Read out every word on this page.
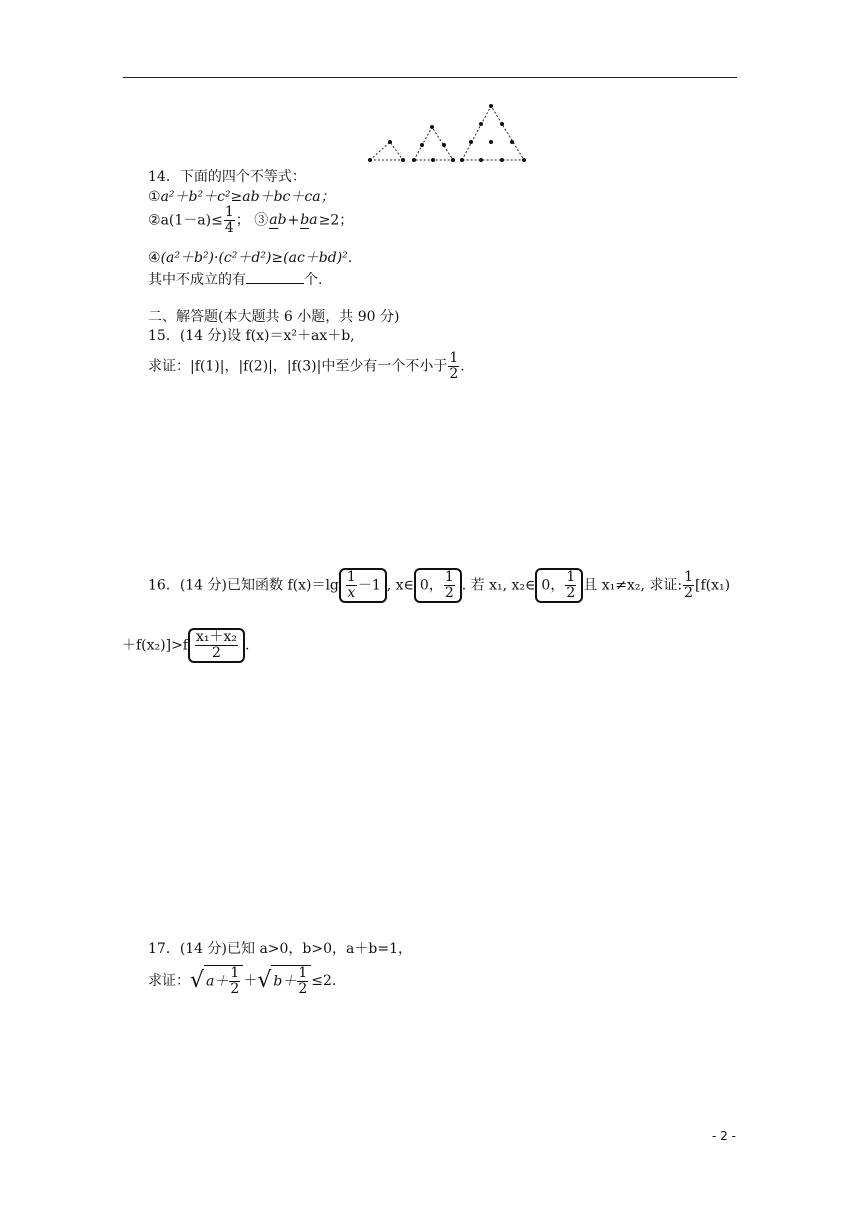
14．下面的四个不等式：
①a²＋b²＋c²≥ab＋bc＋ca；
②a(1－a)≤ $\frac{1}{4}$ ； ③ab+ba≥2；
④(a²＋b²)·(c²＋d²)≥(ac＋bd)².
其中不成立的有	个.
二、解答题(本大题共 6 小题，共 90 分)
15．(14 分)设 f(x)＝x²＋ax＋b,
求证：|f(1)|，|f(2)|，|f(3)|中至少有一个不小于 $\frac{1}{2}$ .
16．(14 分)已知函数 $f(x)=\lg \frac{1}{x}-1$ , x∈ 0， $\frac{1}{2}$ . 若 x₁, x₂∈ 0， $\frac{1}{2}$ 且 x₁≠x₂, 求证: $\frac{1}{2} [f(x_1)$
$+f(x_2)]>f \frac{\text{x₁＋x₂}}{2}$ .
17．(14 分)已知 a>0，b>0，a＋b=1，
求证：√ $a+ \frac{1}{2}$ ＋√ $b+ \frac{1}{2} \le 2$.
- 2 -
